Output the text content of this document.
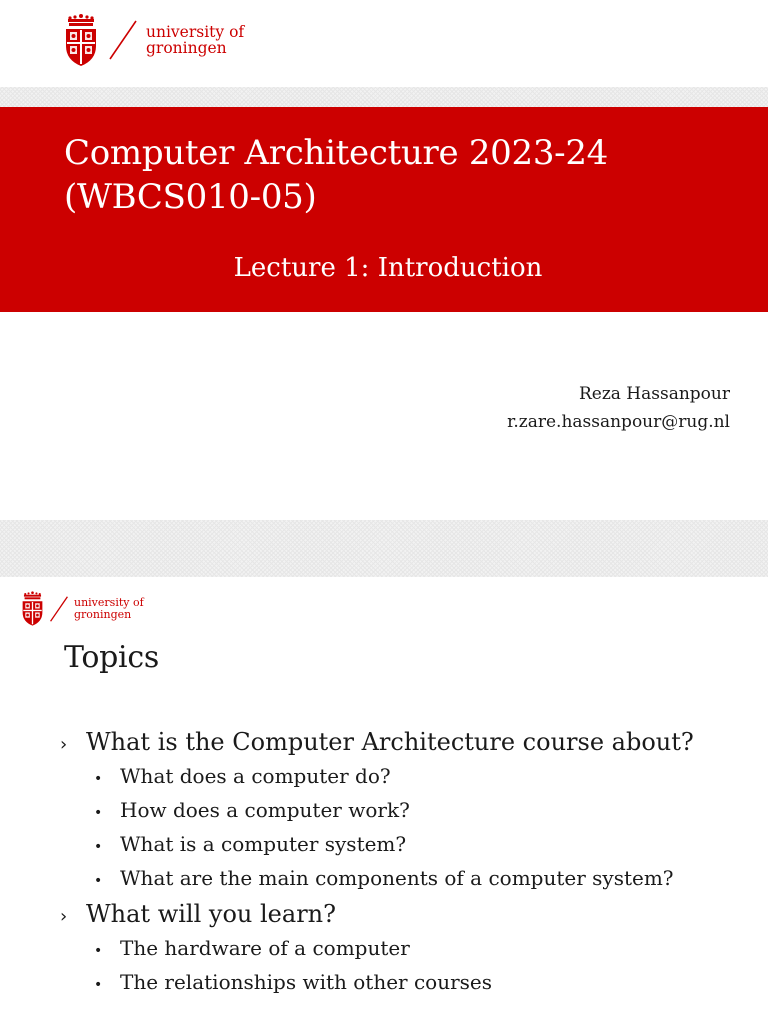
university of
groningen
Computer Architecture 2023-24
(WBCS010-05)
Lecture 1: Introduction
Reza Hassanpour
r.zare.hassanpour@rug.nl
university of
groningen
Topics
› What is the Computer Architecture course about?
• What does a computer do?
• How does a computer work?
• What is a computer system?
• What are the main components of a computer system?
› What will you learn?
• The hardware of a computer
• The relationships with other courses
